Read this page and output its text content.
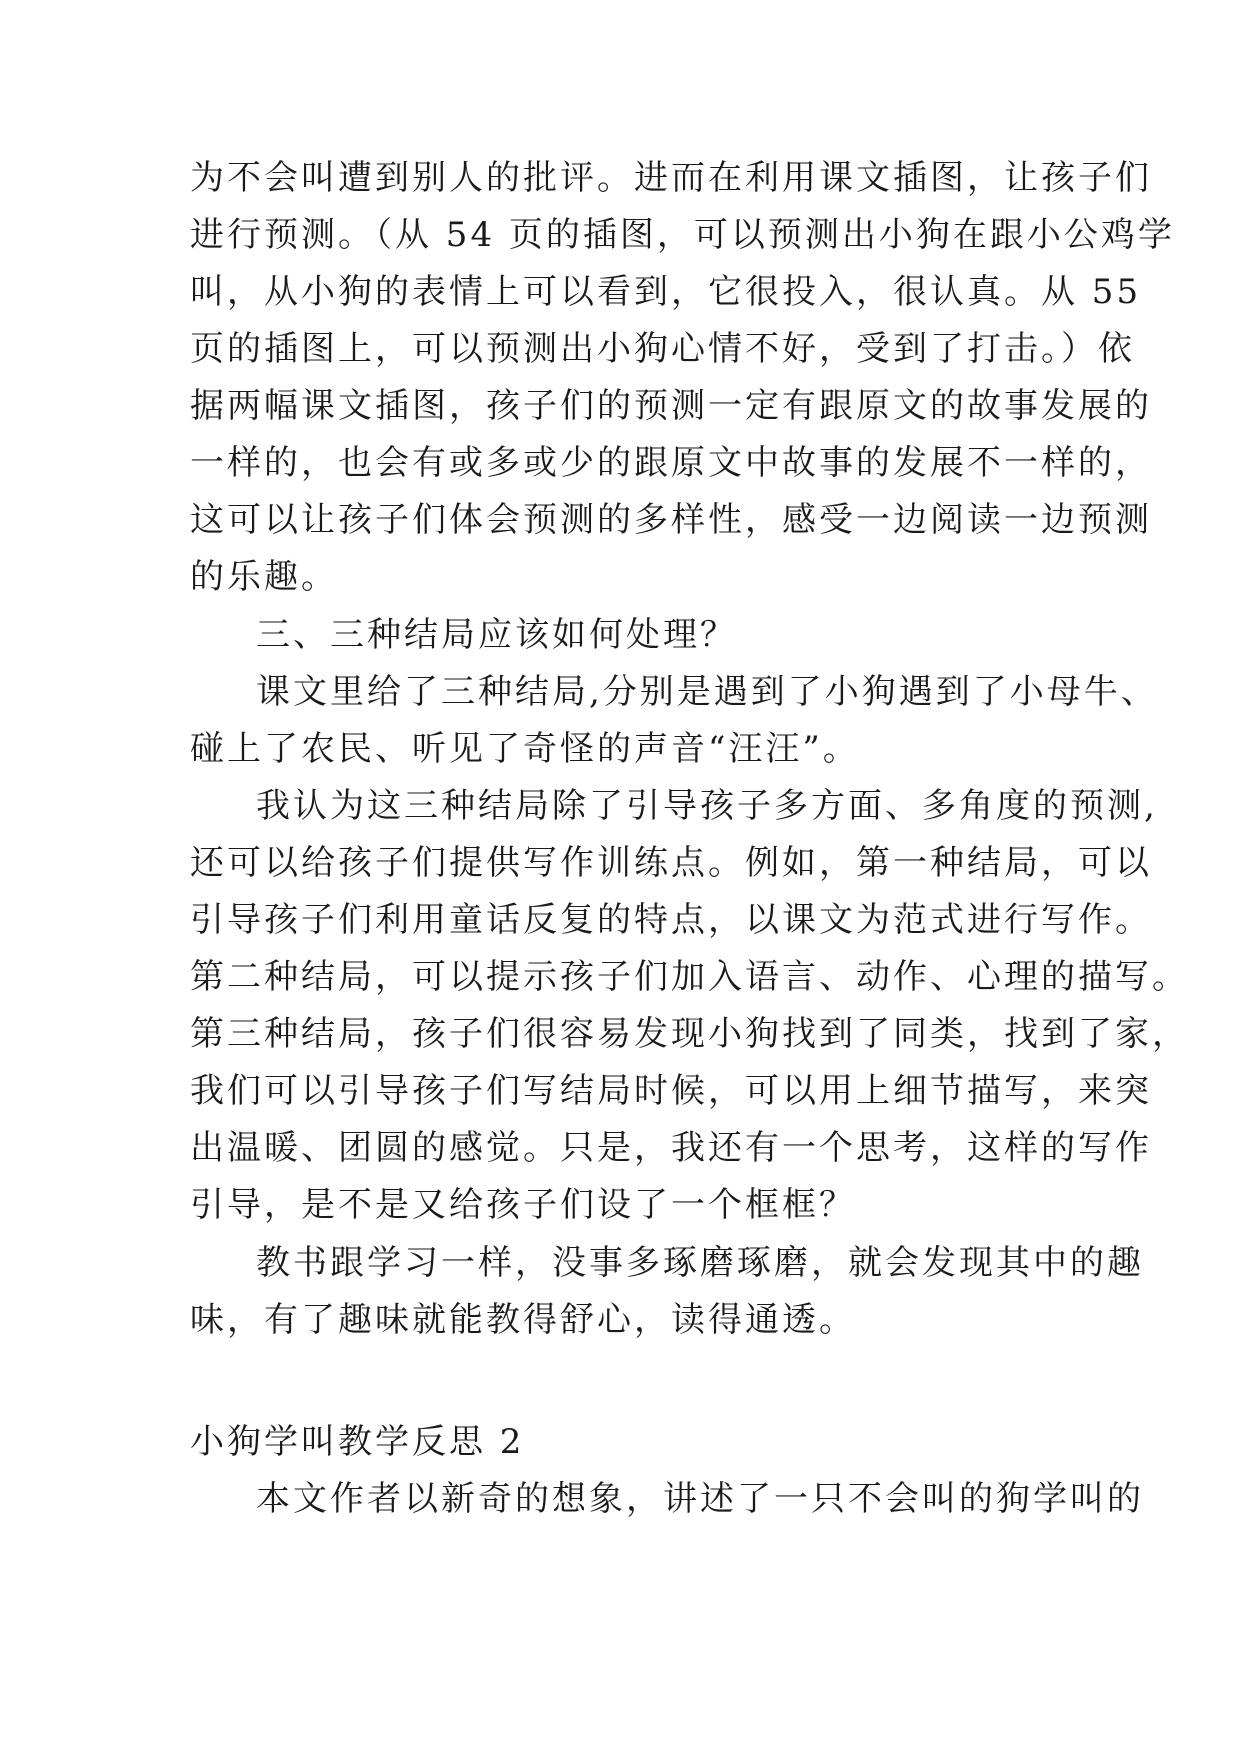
为不会叫遭到别人的批评。进而在利用课文插图，让孩子们
进行预测。（从 54 页的插图，可以预测出小狗在跟小公鸡学
叫，从小狗的表情上可以看到，它很投入，很认真。从 55
页的插图上，可以预测出小狗心情不好，受到了打击。）依
据两幅课文插图，孩子们的预测一定有跟原文的故事发展的
一样的，也会有或多或少的跟原文中故事的发展不一样的，
这可以让孩子们体会预测的多样性，感受一边阅读一边预测
的乐趣。
三、三种结局应该如何处理？
课文里给了三种结局,分别是遇到了小狗遇到了小母牛、
碰上了农民、听见了奇怪的声音“汪汪”。
我认为这三种结局除了引导孩子多方面、多角度的预测,
还可以给孩子们提供写作训练点。例如，第一种结局，可以
引导孩子们利用童话反复的特点，以课文为范式进行写作。
第二种结局，可以提示孩子们加入语言、动作、心理的描写。
第三种结局，孩子们很容易发现小狗找到了同类，找到了家，
我们可以引导孩子们写结局时候，可以用上细节描写，来突
出温暖、团圆的感觉。只是，我还有一个思考，这样的写作
引导，是不是又给孩子们设了一个框框？
教书跟学习一样，没事多琢磨琢磨，就会发现其中的趣
味，有了趣味就能教得舒心，读得通透。
小狗学叫教学反思 2
本文作者以新奇的想象，讲述了一只不会叫的狗学叫的
